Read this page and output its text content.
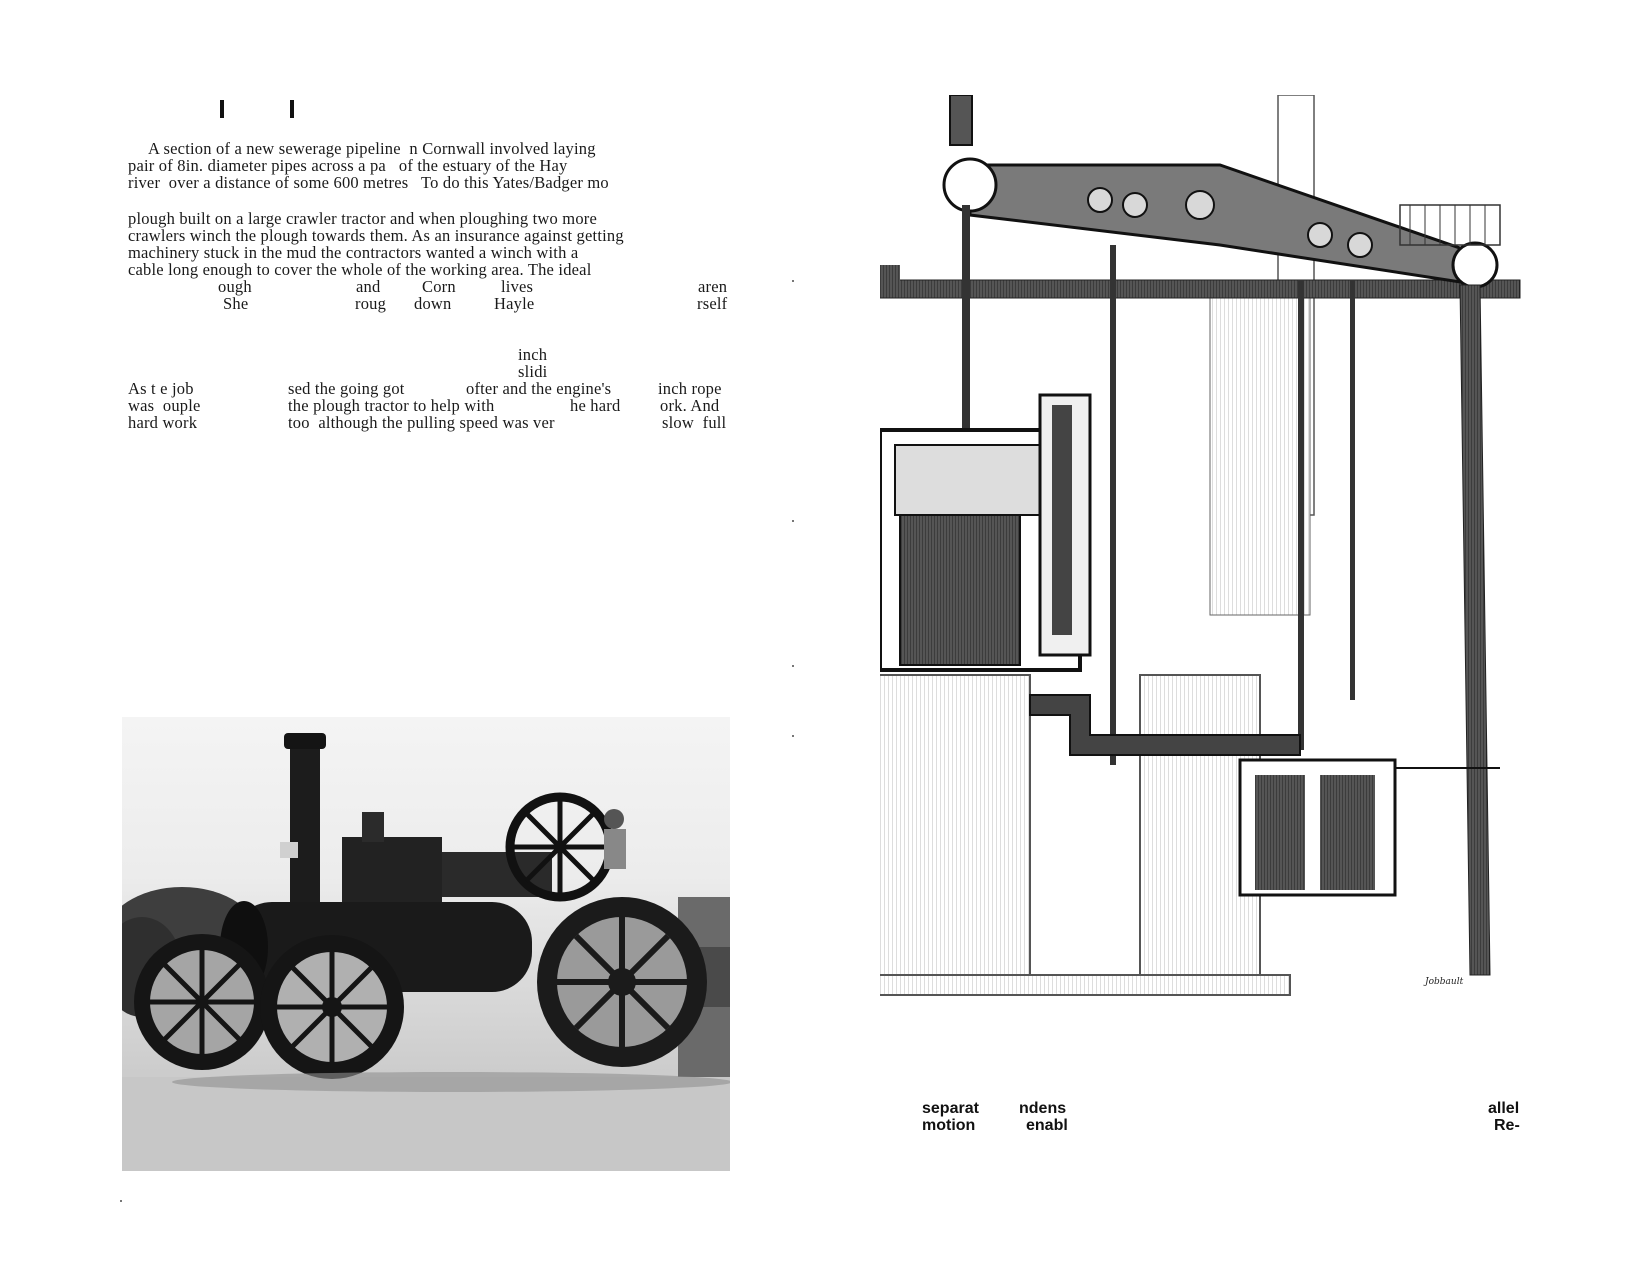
A section of a new sewerage pipeline  n Cornwall involved laying
pair of 8in. diameter pipes across a pa   of the estuary of the Hay
river  over a distance of some 600 metres   To do this Yates/Badger mo
plough built on a large crawler tractor and when ploughing two more
crawlers winch the plough towards them. As an insurance against getting
machinery stuck in the mud the contractors wanted a winch with a
cable long enough to cover the whole of the working area. The ideal

ough

	and

	Corn

	lives

	aren

She

	roug

down

	Hayle

	rself

inch

slidi

As t e job

	sed the going got

	ofter and the engine's

	inch rope

was  ouple

	the plough tractor to help with

	he hard

ork. And

hard work

	too  although the pulling speed was ver

	slow  full

Jobbault
separat	ndens	allel
motion	enabl	Re-
